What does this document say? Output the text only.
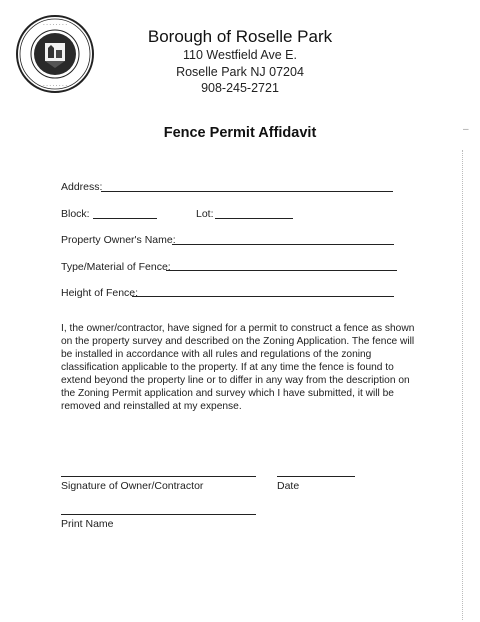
· · · · · · · ·
· · · · · · · ·
Borough of Roselle Park
110 Westfield Ave E.
Roselle Park NJ 07204
908-245-2721
Fence Permit Affidavit
Address:
Block:	Lot:
Property Owner's Name:
Type/Material of Fence:
Height of Fence:
I, the owner/contractor, have signed for a permit to construct a fence as shown on the property survey and described on the Zoning Application. The fence will be installed in accordance with all rules and regulations of the zoning classification applicable to the property. If at any time the fence is found to extend beyond the property line or to differ in any way from the description on the Zoning Permit application and survey which I have submitted, it will be removed and reinstalled at my expense.
Signature of Owner/Contractor	Date
Print Name
–
